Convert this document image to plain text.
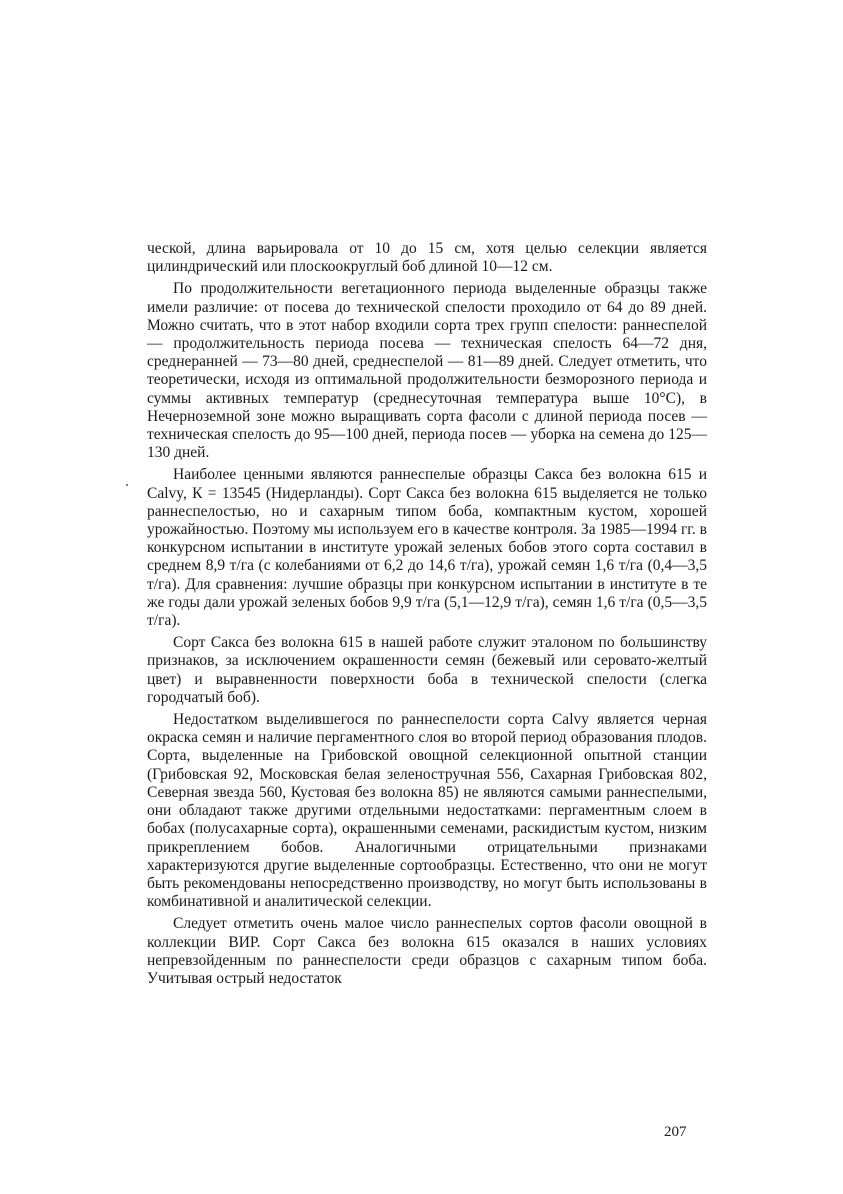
ческой, длина варьировала от 10 до 15 см, хотя целью селекции является цилиндрический или плоскоокруглый боб длиной 10—12 см.

По продолжительности вегетационного периода выделенные образцы также имели различие: от посева до технической спелости проходило от 64 до 89 дней. Можно считать, что в этот набор входили сорта трех групп спелости: раннеспелой — продолжительность периода посева — техническая спелость 64—72 дня, среднеранней — 73—80 дней, среднеспелой — 81—89 дней. Следует отметить, что теоретически, исходя из оптимальной продолжительности безморозного периода и суммы активных температур (среднесуточная температура выше 10°С), в Нечерноземной зоне можно выращивать сорта фасоли с длиной периода посев — техническая спелость до 95—100 дней, периода посев — уборка на семена до 125—130 дней.

Наиболее ценными являются раннеспелые образцы Сакса без волокна 615 и Calvy, К = 13545 (Нидерланды). Сорт Сакса без волокна 615 выделяется не только раннеспелостью, но и сахарным типом боба, компактным кустом, хорошей урожайностью. Поэтому мы используем его в качестве контроля. За 1985—1994 гг. в конкурсном испытании в институте урожай зеленых бобов этого сорта составил в среднем 8,9 т/га (с колебаниями от 6,2 до 14,6 т/га), урожай семян 1,6 т/га (0,4—3,5 т/га). Для сравнения: лучшие образцы при конкурсном испытании в институте в те же годы дали урожай зеленых бобов 9,9 т/га (5,1—12,9 т/га), семян 1,6 т/га (0,5—3,5 т/га).

Сорт Сакса без волокна 615 в нашей работе служит эталоном по большинству признаков, за исключением окрашенности семян (бежевый или серовато-желтый цвет) и выравненности поверхности боба в технической спелости (слегка городчатый боб).

Недостатком выделившегося по раннеспелости сорта Calvy является черная окраска семян и наличие пергаментного слоя во второй период образования плодов. Сорта, выделенные на Грибовской овощной селекционной опытной станции (Грибовская 92, Московская белая зеленостручная 556, Сахарная Грибовская 802, Северная звезда 560, Кустовая без волокна 85) не являются самыми раннеспелыми, они обладают также другими отдельными недостатками: пергаментным слоем в бобах (полусахарные сорта), окрашенными семенами, раскидистым кустом, низким прикреплением бобов. Аналогичными отрицательными признаками характеризуются другие выделенные сортообразцы. Естественно, что они не могут быть рекомендованы непосредственно производству, но могут быть использованы в комбинативной и аналитической селекции.

Следует отметить очень малое число раннеспелых сортов фасоли овощной в коллекции ВИР. Сорт Сакса без волокна 615 оказался в наших условиях непревзойденным по раннеспелости среди образцов с сахарным типом боба. Учитывая острый недостаток

207
